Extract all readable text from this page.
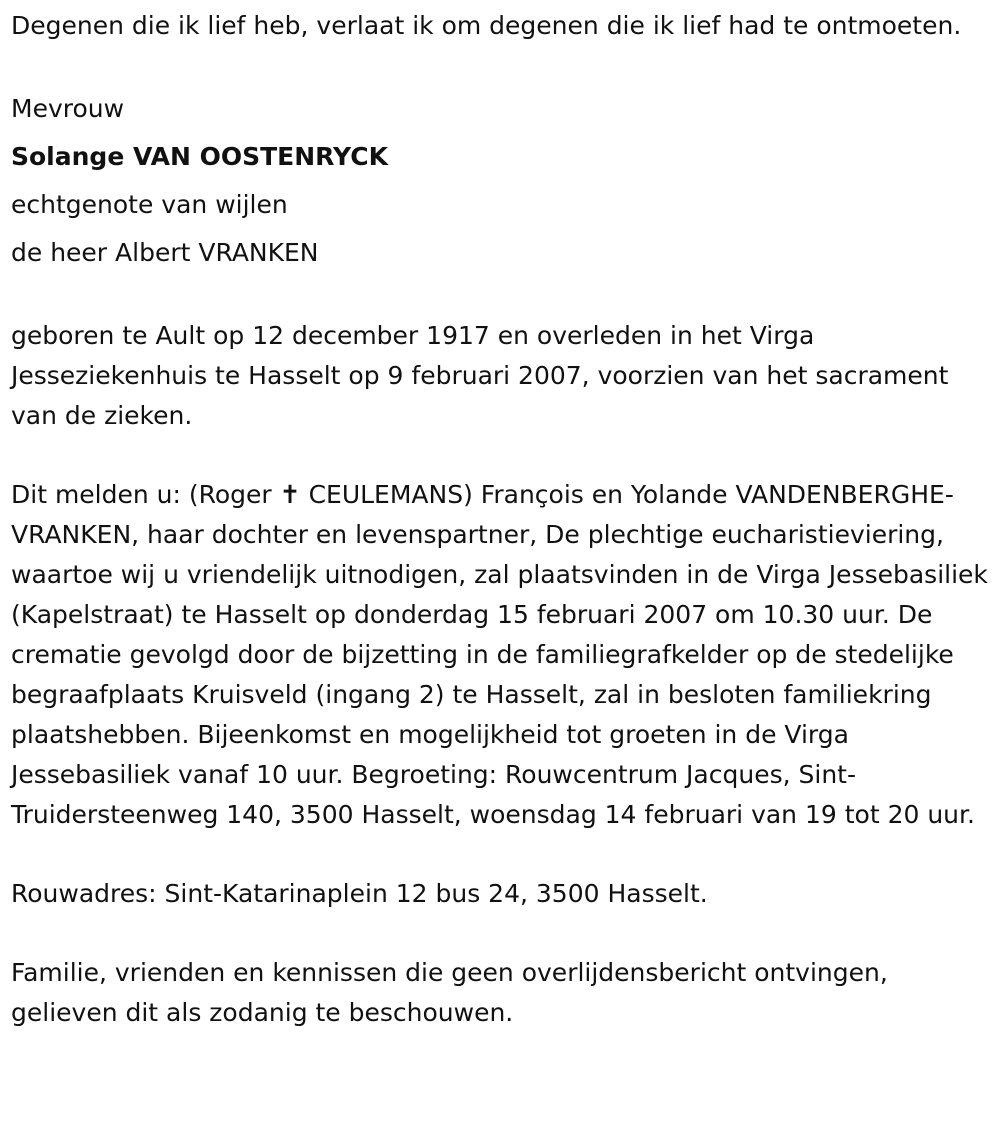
Degenen die ik lief heb, verlaat ik om degenen die ik lief had te ontmoeten.

Mevrouw

Solange VAN OOSTENRYCK

echtgenote van wijlen

de heer Albert VRANKEN

geboren te Ault op 12 december 1917 en overleden in het Virga Jesseziekenhuis te Hasselt op 9 februari 2007, voorzien van het sacrament van de zieken.

Dit melden u: (Roger ✝ CEULEMANS) François en Yolande VANDENBERGHE-VRANKEN, haar dochter en levenspartner, De plechtige eucharistieviering, waartoe wij u vriendelijk uitnodigen, zal plaatsvinden in de Virga Jessebasiliek (Kapelstraat) te Hasselt op donderdag 15 februari 2007 om 10.30 uur. De crematie gevolgd door de bijzetting in de familiegrafkelder op de stedelijke begraafplaats Kruisveld (ingang 2) te Hasselt, zal in besloten familiekring plaatshebben. Bijeenkomst en mogelijkheid tot groeten in de Virga Jessebasiliek vanaf 10 uur. Begroeting: Rouwcentrum Jacques, Sint-Truidersteenweg 140, 3500 Hasselt, woensdag 14 februari van 19 tot 20 uur.

Rouwadres: Sint-Katarinaplein 12 bus 24, 3500 Hasselt.

Familie, vrienden en kennissen die geen overlijdensbericht ontvingen, gelieven dit als zodanig te beschouwen.
